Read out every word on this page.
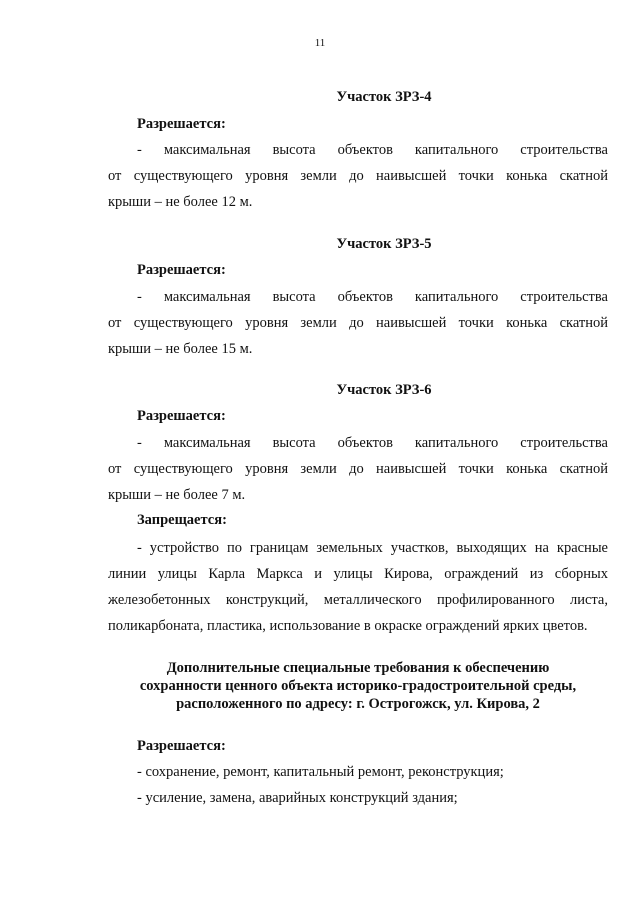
11
Участок ЗРЗ-4
Разрешается:
- максимальная высота объектов капитального строительства
от существующего уровня земли до наивысшей точки конька скатной
крыши – не более 12 м.
Участок ЗРЗ-5
Разрешается:
- максимальная высота объектов капитального строительства
от существующего уровня земли до наивысшей точки конька скатной
крыши – не более 15 м.
Участок ЗРЗ-6
Разрешается:
- максимальная высота объектов капитального строительства
от существующего уровня земли до наивысшей точки конька скатной
крыши – не более 7 м.
Запрещается:
- устройство по границам земельных участков, выходящих на красные
линии улицы Карла Маркса и улицы Кирова, ограждений из сборных
железобетонных конструкций, металлического профилированного листа,
поликарбоната, пластика, использование в окраске ограждений ярких цветов.
Дополнительные специальные требования к обеспечению
сохранности ценного объекта историко-градостроительной среды,
расположенного по адресу: г. Острогожск, ул. Кирова, 2
Разрешается:
- сохранение, ремонт, капитальный ремонт, реконструкция;
- усиление, замена, аварийных конструкций здания;
